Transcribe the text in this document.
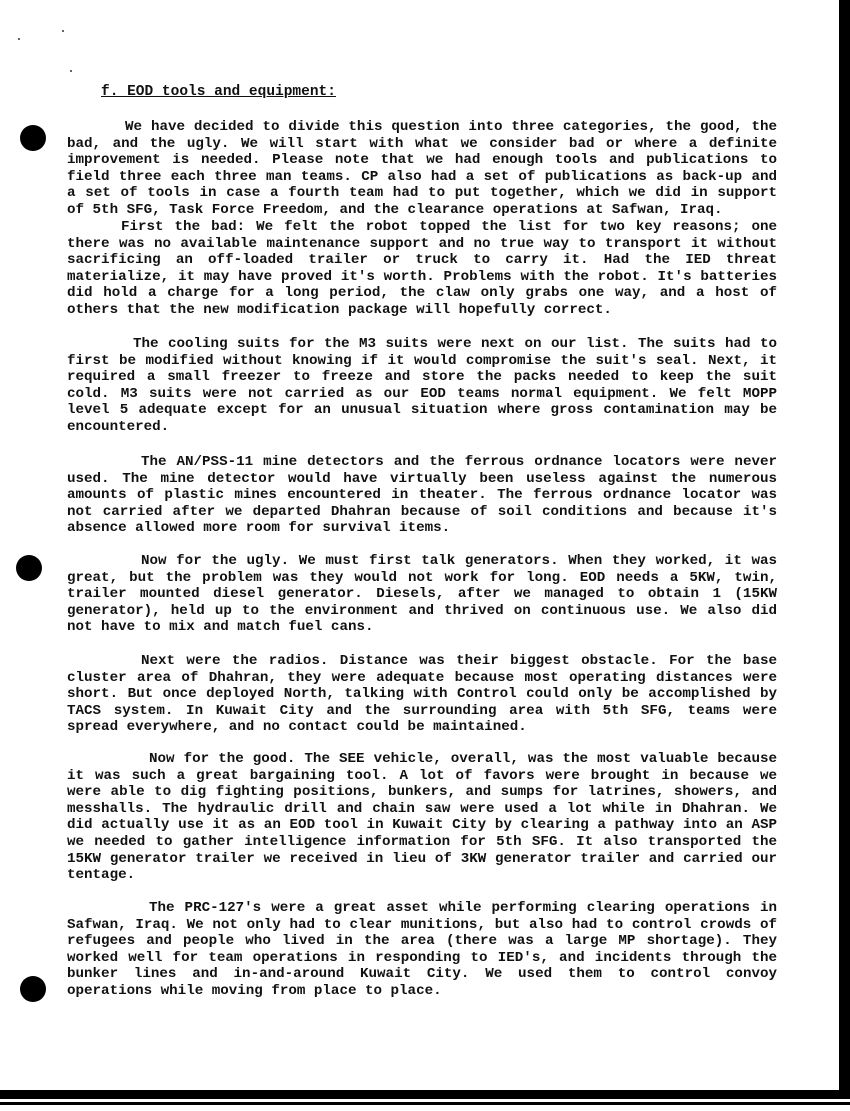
f. EOD tools and equipment:

We have decided to divide this question into three categories, the good, the bad, and the ugly. We will start with what we consider bad or where a definite improvement is needed. Please note that we had enough tools and publications to field three each three man teams. CP also had a set of publications as back-up and a set of tools in case a fourth team had to put together, which we did in support of 5th SFG, Task Force Freedom, and the clearance operations at Safwan, Iraq.

First the bad: We felt the robot topped the list for two key reasons; one there was no available maintenance support and no true way to transport it without sacrificing an off-loaded trailer or truck to carry it. Had the IED threat materialize, it may have proved it's worth. Problems with the robot. It's batteries did hold a charge for a long period, the claw only grabs one way, and a host of others that the new modification package will hopefully correct.

The cooling suits for the M3 suits were next on our list. The suits had to first be modified without knowing if it would compromise the suit's seal. Next, it required a small freezer to freeze and store the packs needed to keep the suit cold. M3 suits were not carried as our EOD teams normal equipment. We felt MOPP level 5 adequate except for an unusual situation where gross contamination may be encountered.

The AN/PSS-11 mine detectors and the ferrous ordnance locators were never used. The mine detector would have virtually been useless against the numerous amounts of plastic mines encountered in theater. The ferrous ordnance locator was not carried after we departed Dhahran because of soil conditions and because it's absence allowed more room for survival items.

Now for the ugly. We must first talk generators. When they worked, it was great, but the problem was they would not work for long. EOD needs a 5KW, twin, trailer mounted diesel generator. Diesels, after we managed to obtain 1 (15KW generator), held up to the environment and thrived on continuous use. We also did not have to mix and match fuel cans.

Next were the radios. Distance was their biggest obstacle. For the base cluster area of Dhahran, they were adequate because most operating distances were short. But once deployed North, talking with Control could only be accomplished by TACS system. In Kuwait City and the surrounding area with 5th SFG, teams were spread everywhere, and no contact could be maintained.

Now for the good. The SEE vehicle, overall, was the most valuable because it was such a great bargaining tool. A lot of favors were brought in because we were able to dig fighting positions, bunkers, and sumps for latrines, showers, and messhalls. The hydraulic drill and chain saw were used a lot while in Dhahran. We did actually use it as an EOD tool in Kuwait City by clearing a pathway into an ASP we needed to gather intelligence information for 5th SFG. It also transported the 15KW generator trailer we received in lieu of 3KW generator trailer and carried our tentage.

The PRC-127's were a great asset while performing clearing operations in Safwan, Iraq. We not only had to clear munitions, but also had to control crowds of refugees and people who lived in the area (there was a large MP shortage). They worked well for team operations in responding to IED's, and incidents through the bunker lines and in-and-around Kuwait City. We used them to control convoy operations while moving from place to place.
